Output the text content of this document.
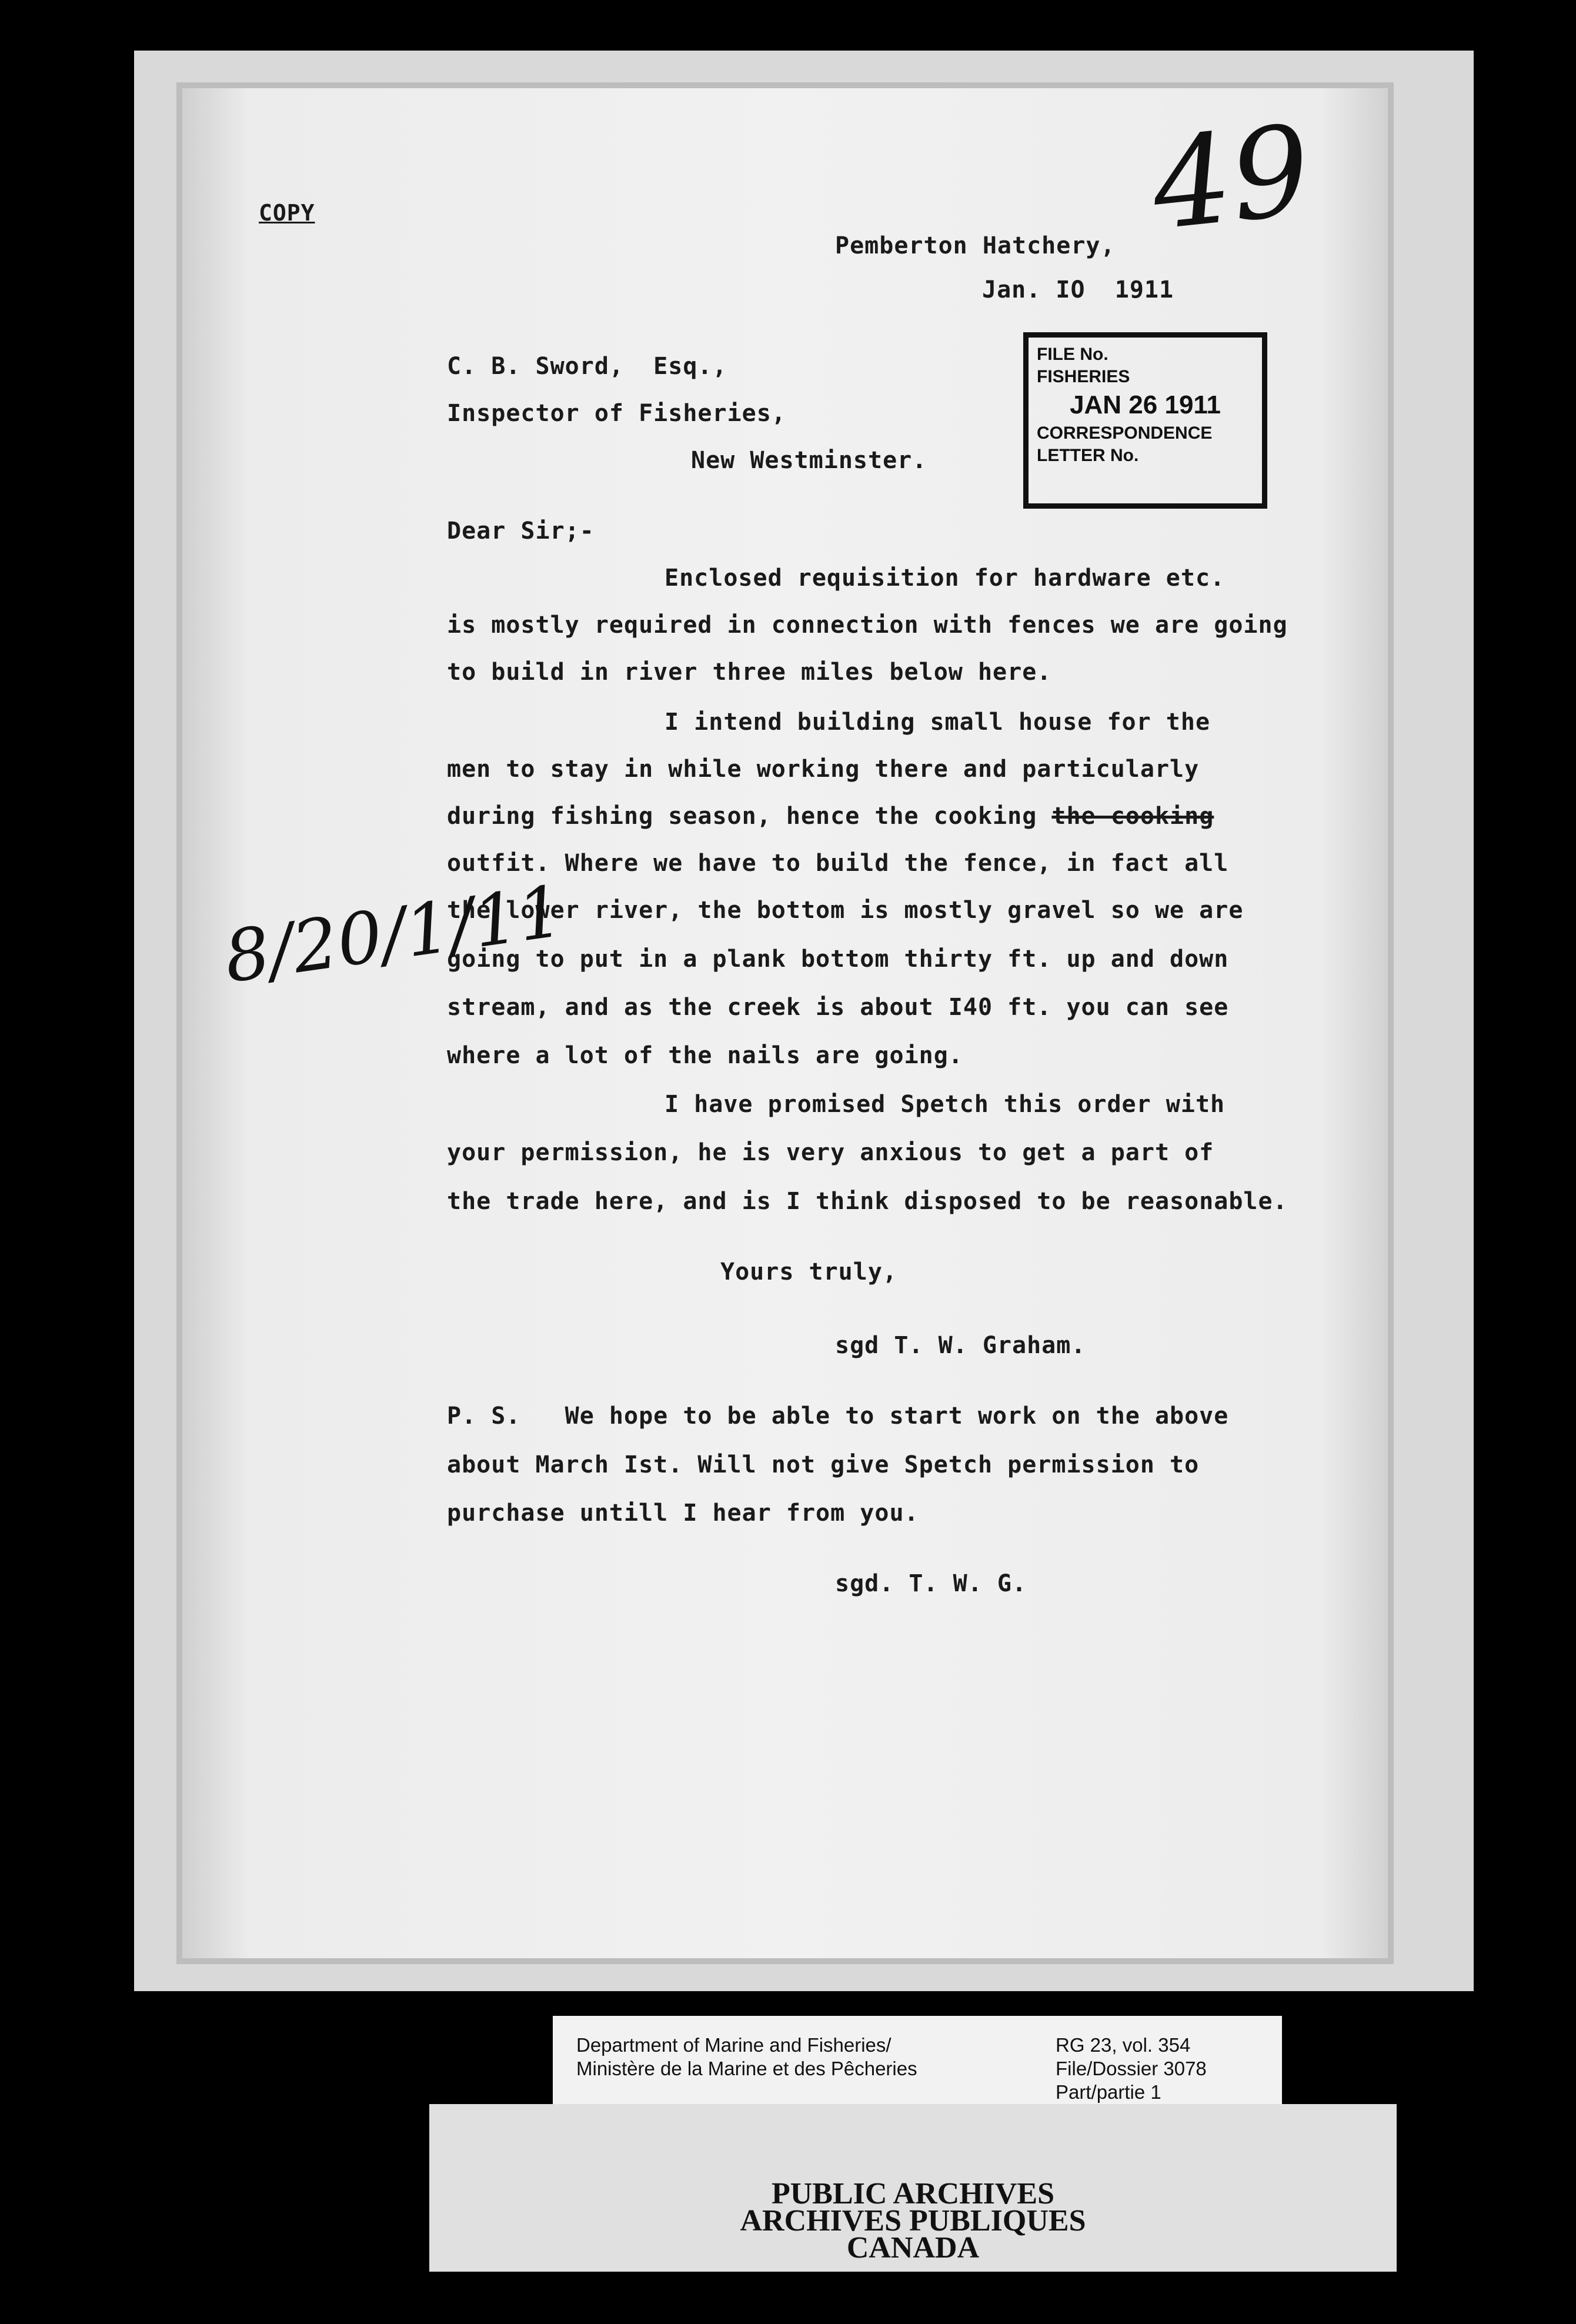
COPY	49
Pemberton Hatchery,
Jan. IO  1911
FILE No.
FISHERIES
JAN 26 1911
CORRESPONDENCE
LETTER No.
C. B. Sword,  Esq.,
Inspector of Fisheries,
New Westminster.
Dear Sir;-
Enclosed requisition for hardware etc.
is mostly required in connection with fences we are going
to build in river three miles below here.
I intend building small house for the
men to stay in while working there and particularly
during fishing season, hence the cooking the cooking
outfit. Where we have to build the fence, in fact all
the lower river, the bottom is mostly gravel so we are
going to put in a plank bottom thirty ft. up and down
stream, and as the creek is about I40 ft. you can see
where a lot of the nails are going.
I have promised Spetch this order with
your permission, he is very anxious to get a part of
the trade here, and is I think disposed to be reasonable.
Yours truly,
sgd T. W. Graham.
P. S.   We hope to be able to start work on the above
about March Ist. Will not give Spetch permission to
purchase untill I hear from you.
sgd. T. W. G.
8/20/1/11
Department of Marine and Fisheries/
Ministère de la Marine et des Pêcheries
RG 23, vol. 354
File/Dossier 3078
Part/partie 1
PUBLIC ARCHIVES
ARCHIVES PUBLIQUES
CANADA
